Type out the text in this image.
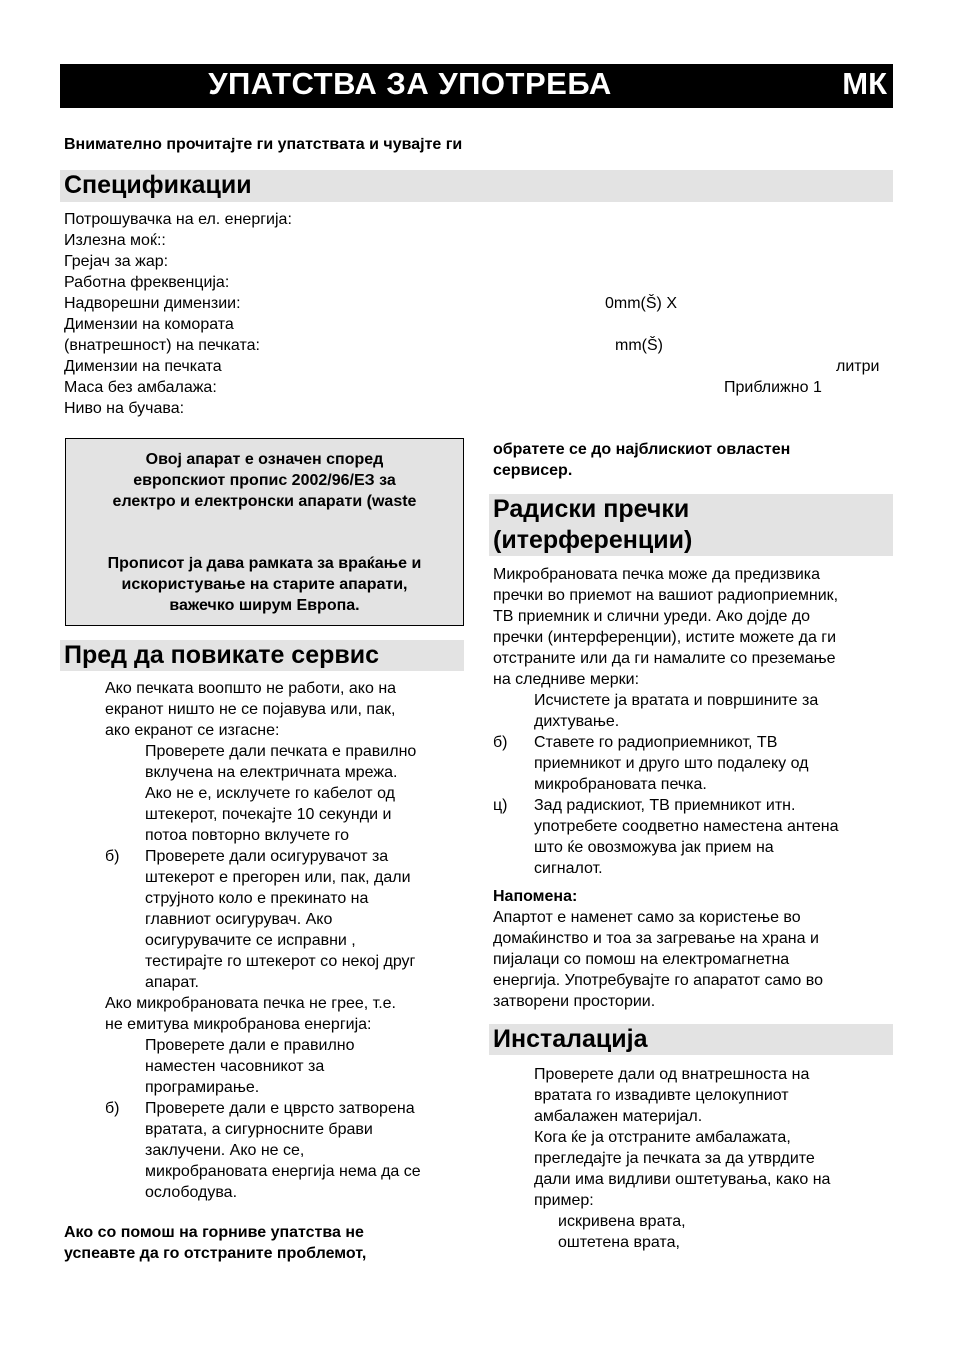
УПАТСТВА ЗА УПОТРЕБА	МК
Внимателно прочитајте ги упатствата и чувајте ги
Спецификации
Потрошувачка на ел. енергија:
Излезна моќ::
Грејач за жар:
Работна фреквенција:
Надворешни димензии:
Димензии на комората
(внатрешност) на печката:
Димензии на печката
Маса без амбалажа:
Ниво на бучава:
0mm(Š) X
mm(Š)
литри
Приближно 1
Овој апарат е означен според
европскиот пропис 2002/96/ЕЗ за
електро и електронски апарати (waste
Прописот ја дава рамката за враќање и
искористување на старите апарати,
важечко ширум Европа.
Пред да повикате сервис
Ако печката воопшто не работи, ако на
екранот ништо не се појавува или, пак,
ако екранот се изгасне:
Проверете дали печката е правилно
вклучена на електричната мрежа.
Ако не е, исклучете го кабелот од
штекерот, почекајте 10 секунди и
потоа повторно вклучете го
б) Проверете дали осигурувачот за
штекерот е прегорен или, пак, дали
струјното коло е прекинато на
главниот осигурувач. Ако
осигурувачите се исправни ,
тестирајте го штекерот со некој друг
апарат.
Ако микробрановата печка не грее, т.е.
не емитува микробранова енергија:
Проверете дали е правилно
наместен часовникот за
програмирање.
б) Проверете дали е цврсто затворена
вратата, а сигурносните брави
заклучени. Ако не се,
микробрановата енергија нема да се
ослободува.
Ако со помош на горниве упатства не
успеавте да го отстраните проблемот,
обратете се до најблискиот овластен
сервисер.
Радиски пречки
(итерференции)
Микробрановата печка може да предизвика
пречки во приемот на вашиот радиоприемник,
ТВ приемник и слични уреди. Ако дојде до
пречки (интерференции), истите можете да ги
отстраните или да ги намалите со преземање
на следниве мерки:
Исчистете ја вратата и површините за
дихтување.
б) Ставете го радиоприемникот, ТВ
приемникот и друго што подалеку од
микробрановата печка.
ц) Зад радискиот, ТВ приемникот итн.
употребете соодветно наместена антена
што ќе овозможува јак прием на
сигналот.
Напомена:
Апартот е наменет само за користење во
домаќинство и тоа за загревање на храна и
пијалаци со помош на електромагнетна
енергија. Употребувајте го апаратот само во
затворени простории.
Инсталација
Проверете дали од внатрешноста на
вратата го извадивте целокупниот
амбалажен материјал.
Кога ќе ја отстраните амбалажата,
прегледајте ја печката за да утврдите
дали има видливи оштетувања, како на
пример:
искривена врата,
оштетена врата,
